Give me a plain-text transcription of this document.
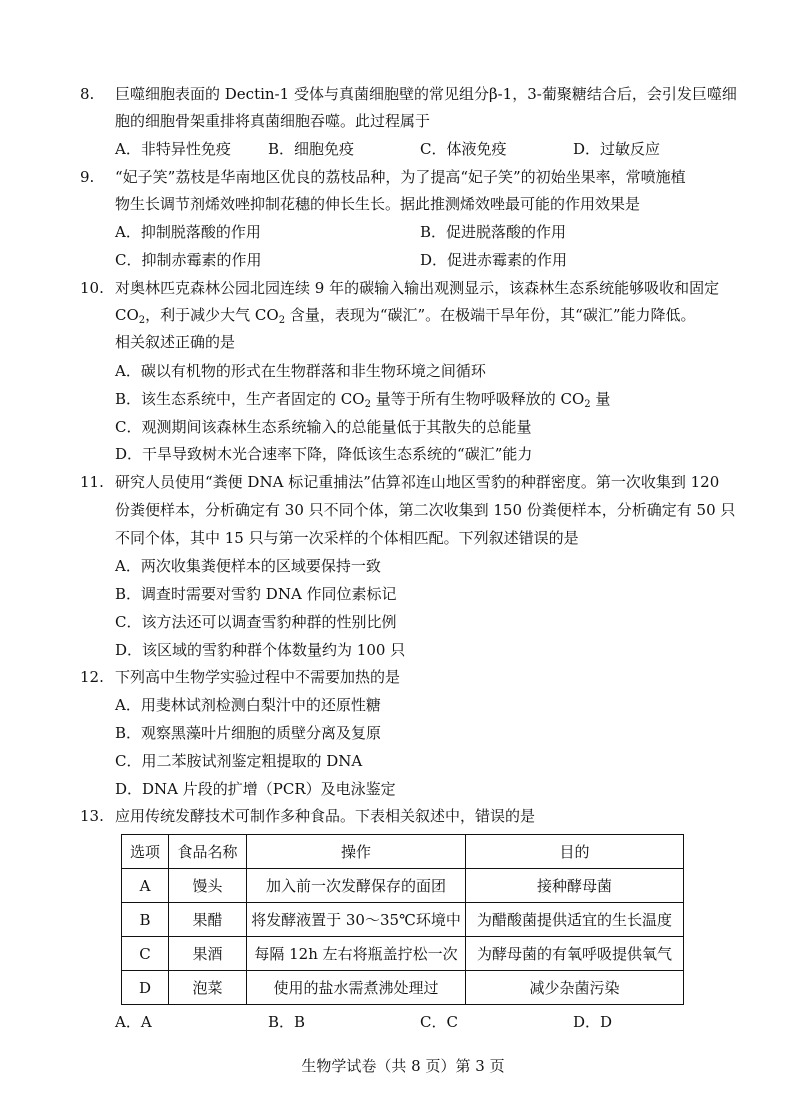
8. 巨噬细胞表面的 Dectin-1 受体与真菌细胞壁的常见组分β-1，3-葡聚糖结合后，会引发巨噬细
胞的细胞骨架重排将真菌细胞吞噬。此过程属于
A．非特异性免疫 B．细胞免疫	C．体液免疫	D．过敏反应
9. “妃子笑”荔枝是华南地区优良的荔枝品种，为了提高“妃子笑”的初始坐果率，常喷施植
物生长调节剂烯效唑抑制花穗的伸长生长。据此推测烯效唑最可能的作用效果是
A．抑制脱落酸的作用	B．促进脱落酸的作用
C．抑制赤霉素的作用	D．促进赤霉素的作用
10. 对奥林匹克森林公园北园连续 9 年的碳输入输出观测显示，该森林生态系统能够吸收和固定
$CO_2$，利于减少大气 $CO_2$ 含量，表现为“碳汇”。在极端干旱年份，其“碳汇”能力降低。
相关叙述正确的是
A．碳以有机物的形式在生物群落和非生物环境之间循环
B．该生态系统中，生产者固定的 $CO_2$ 量等于所有生物呼吸释放的 $CO_2$ 量
C．观测期间该森林生态系统输入的总能量低于其散失的总能量
D．干旱导致树木光合速率下降，降低该生态系统的“碳汇”能力
11. 研究人员使用“粪便 DNA 标记重捕法”估算祁连山地区雪豹的种群密度。第一次收集到 120
份粪便样本，分析确定有 30 只不同个体，第二次收集到 150 份粪便样本，分析确定有 50 只
不同个体，其中 15 只与第一次采样的个体相匹配。下列叙述错误的是
A．两次收集粪便样本的区域要保持一致
B．调查时需要对雪豹 DNA 作同位素标记
C．该方法还可以调查雪豹种群的性别比例
D．该区域的雪豹种群个体数量约为 100 只
12. 下列高中生物学实验过程中不需要加热的是
A．用斐林试剂检测白梨汁中的还原性糖
B．观察黑藻叶片细胞的质壁分离及复原
C．用二苯胺试剂鉴定粗提取的 DNA
D．DNA 片段的扩增（PCR）及电泳鉴定
13. 应用传统发酵技术可制作多种食品。下表相关叙述中，错误的是
选项	食品名称	操作	目的
A	馒头	加入前一次发酵保存的面团	接种酵母菌
B	果醋	将发酵液置于 30～35℃环境中	为醋酸菌提供适宜的生长温度
C	果酒	每隔 12h 左右将瓶盖拧松一次	为酵母菌的有氧呼吸提供氧气
D	泡菜	使用的盐水需煮沸处理过	减少杂菌污染
A．A	B．B	C．C	D．D
生物学试卷（共 8 页）第 3 页
